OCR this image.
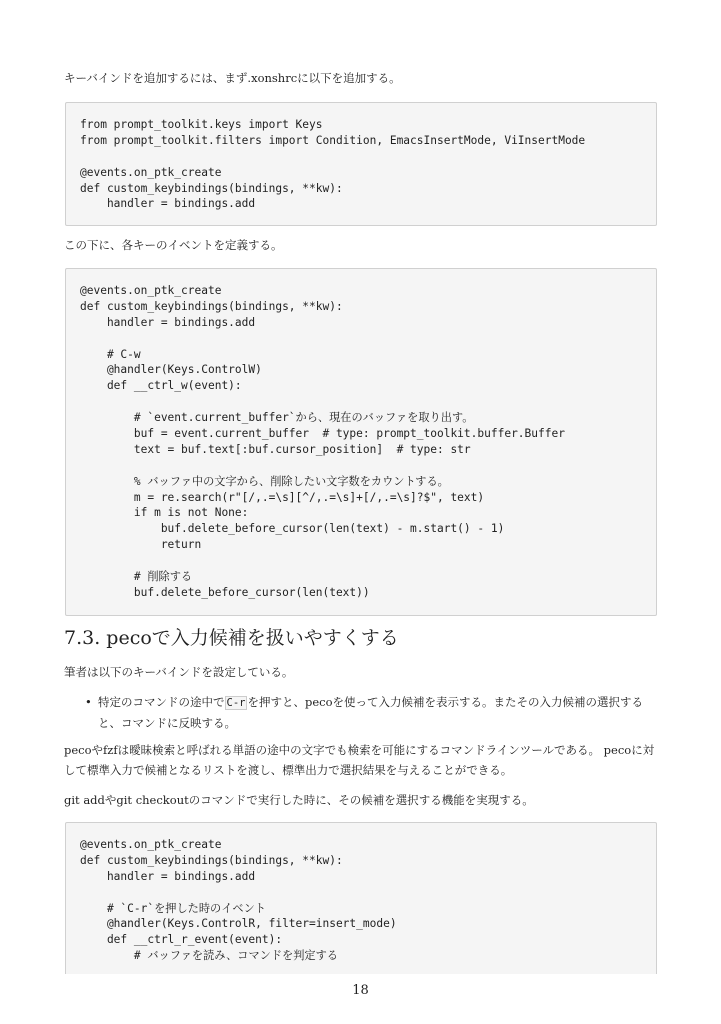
キーバインドを追加するには、まず.xonshrcに以下を追加する。

from prompt_toolkit.keys import Keys
from prompt_toolkit.filters import Condition, EmacsInsertMode, ViInsertMode
@events.on_ptk_create
def custom_keybindings(bindings, **kw):
handler = bindings.add

この下に、各キーのイベントを定義する。

@events.on_ptk_create
def custom_keybindings(bindings, **kw):
handler = bindings.add
# C-w
@handler(Keys.ControlW)
def __ctrl_w(event):
# `event.current_buffer`から、現在のバッファを取り出す。
buf = event.current_buffer  # type: prompt_toolkit.buffer.Buffer
text = buf.text[:buf.cursor_position]  # type: str
% バッファ中の文字から、削除したい文字数をカウントする。
m = re.search(r"[/,.=\s][^/,.=\s]+[/,.=\s]?$", text)
if m is not None:
buf.delete_before_cursor(len(text) - m.start() - 1)
return
# 削除する
buf.delete_before_cursor(len(text))
7.3. pecoで入力候補を扱いやすくする

筆者は以下のキーバインドを設定している。

• 特定のコマンドの途中で C-r を押すと、pecoを使って入力候補を表示する。またその入力候補の選択すると、コマンドに反映する。

pecoやfzfは曖昧検索と呼ばれる単語の途中の文字でも検索を可能にするコマンドラインツールである。 pecoに対して標準入力で候補となるリストを渡し、標準出力で選択結果を与えることができる。

git addやgit checkoutのコマンドで実行した時に、その候補を選択する機能を実現する。

@events.on_ptk_create
def custom_keybindings(bindings, **kw):
handler = bindings.add
# `C-r`を押した時のイベント
@handler(Keys.ControlR, filter=insert_mode)
def __ctrl_r_event(event):
# バッファを読み、コマンドを判定する
18
